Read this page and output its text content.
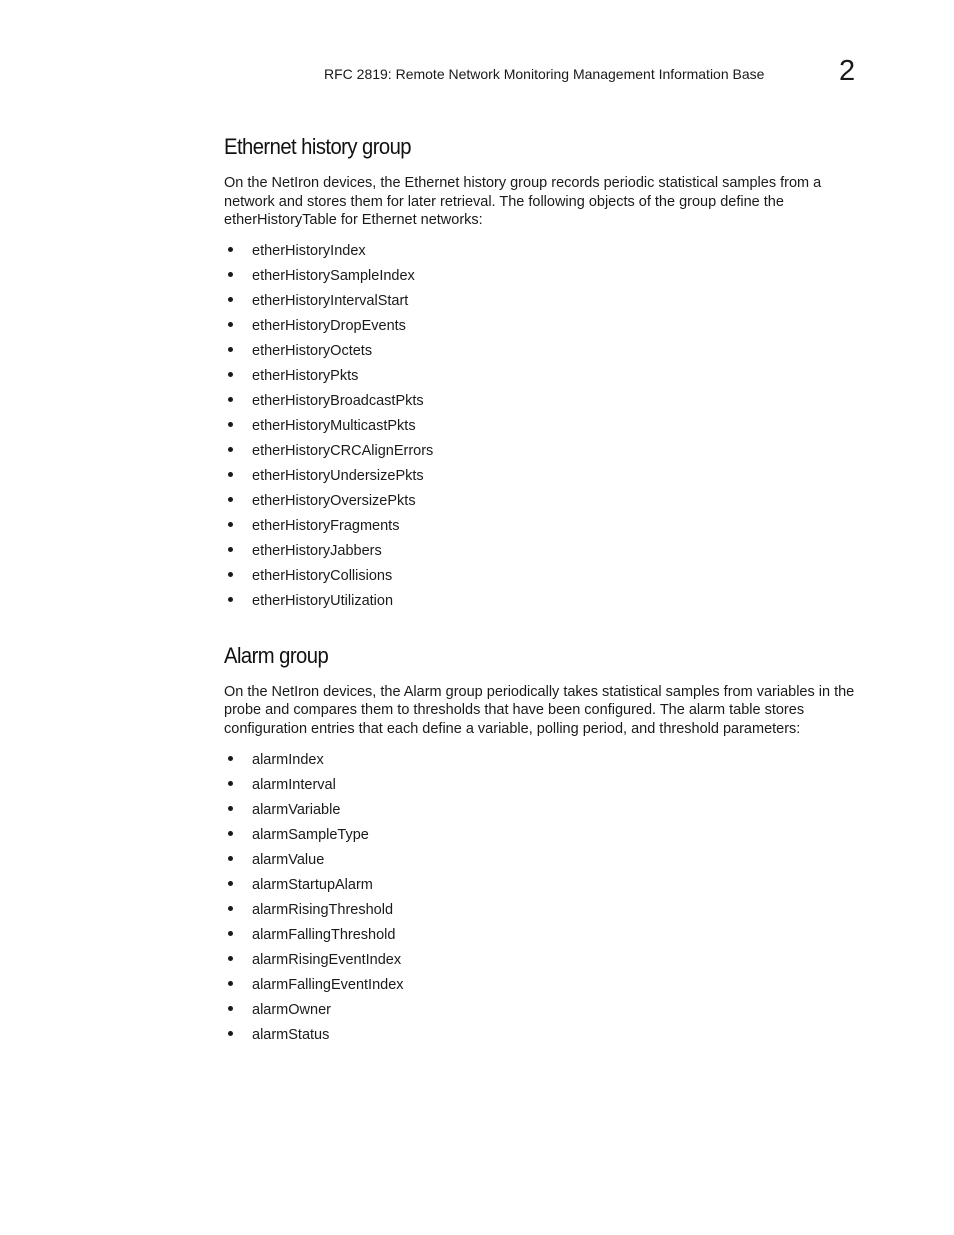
RFC 2819: Remote Network Monitoring Management Information Base	2
Ethernet history group

On the NetIron devices, the Ethernet history group records periodic statistical samples from a network and stores them for later retrieval. The following objects of the group define the etherHistoryTable for Ethernet networks:

etherHistoryIndex
etherHistorySampleIndex
etherHistoryIntervalStart
etherHistoryDropEvents
etherHistoryOctets
etherHistoryPkts
etherHistoryBroadcastPkts
etherHistoryMulticastPkts
etherHistoryCRCAlignErrors
etherHistoryUndersizePkts
etherHistoryOversizePkts
etherHistoryFragments
etherHistoryJabbers
etherHistoryCollisions
etherHistoryUtilization
Alarm group

On the NetIron devices, the Alarm group periodically takes statistical samples from variables in the probe and compares them to thresholds that have been configured. The alarm table stores configuration entries that each define a variable, polling period, and threshold parameters:

alarmIndex
alarmInterval
alarmVariable
alarmSampleType
alarmValue
alarmStartupAlarm
alarmRisingThreshold
alarmFallingThreshold
alarmRisingEventIndex
alarmFallingEventIndex
alarmOwner
alarmStatus
